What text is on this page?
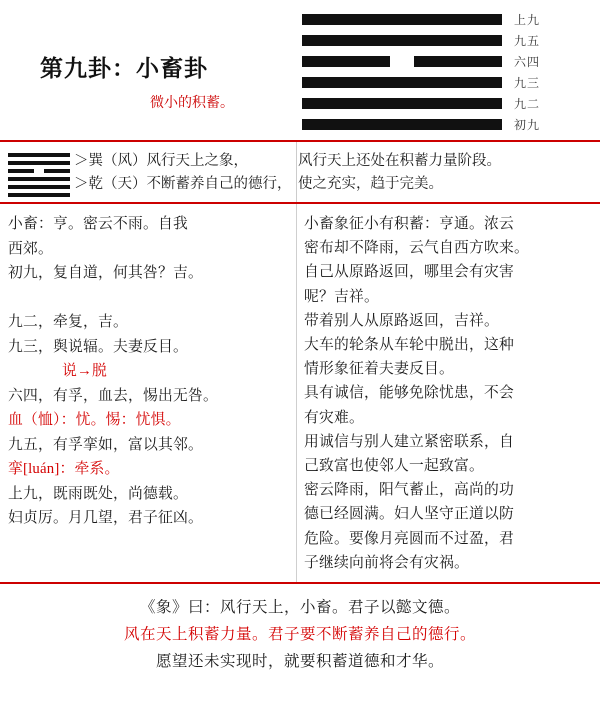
第九卦：小畜卦
微小的积蓄。
上九
九五
六四
九三
九二
初九
＞巽（风）风行天上之象，
＞乾（天）不断蓄养自己的德行，
风行天上还处在积蓄力量阶段。
使之充实，趋于完美。
小畜：亨。密云不雨。自我
西郊。
初九，复自道，何其咎？吉。

九二，牵复，吉。
九三，舆说辐。夫妻反目。
说→脱
六四，有孚，血去，惕出无咎。
血（恤）：忧。惕：忧惧。
九五，有孚挛如，富以其邻。
挛[luán]：牵系。
上九，既雨既处，尚德载。
妇贞厉。月几望，君子征凶。
小畜象征小有积蓄：亨通。浓云
密布却不降雨，云气自西方吹来。
自己从原路返回，哪里会有灾害
呢？吉祥。
带着别人从原路返回，吉祥。
大车的轮条从车轮中脱出，这种
情形象征着夫妻反目。
具有诚信，能够免除忧患，不会
有灾难。
用诚信与别人建立紧密联系，自
己致富也使邻人一起致富。
密云降雨，阳气蓄止，高尚的功
德已经圆满。妇人坚守正道以防
危险。要像月亮圆而不过盈，君
子继续向前将会有灾祸。
《象》曰：风行天上，小畜。君子以懿文德。
风在天上积蓄力量。君子要不断蓄养自己的德行。
愿望还未实现时，就要积蓄道德和才华。
